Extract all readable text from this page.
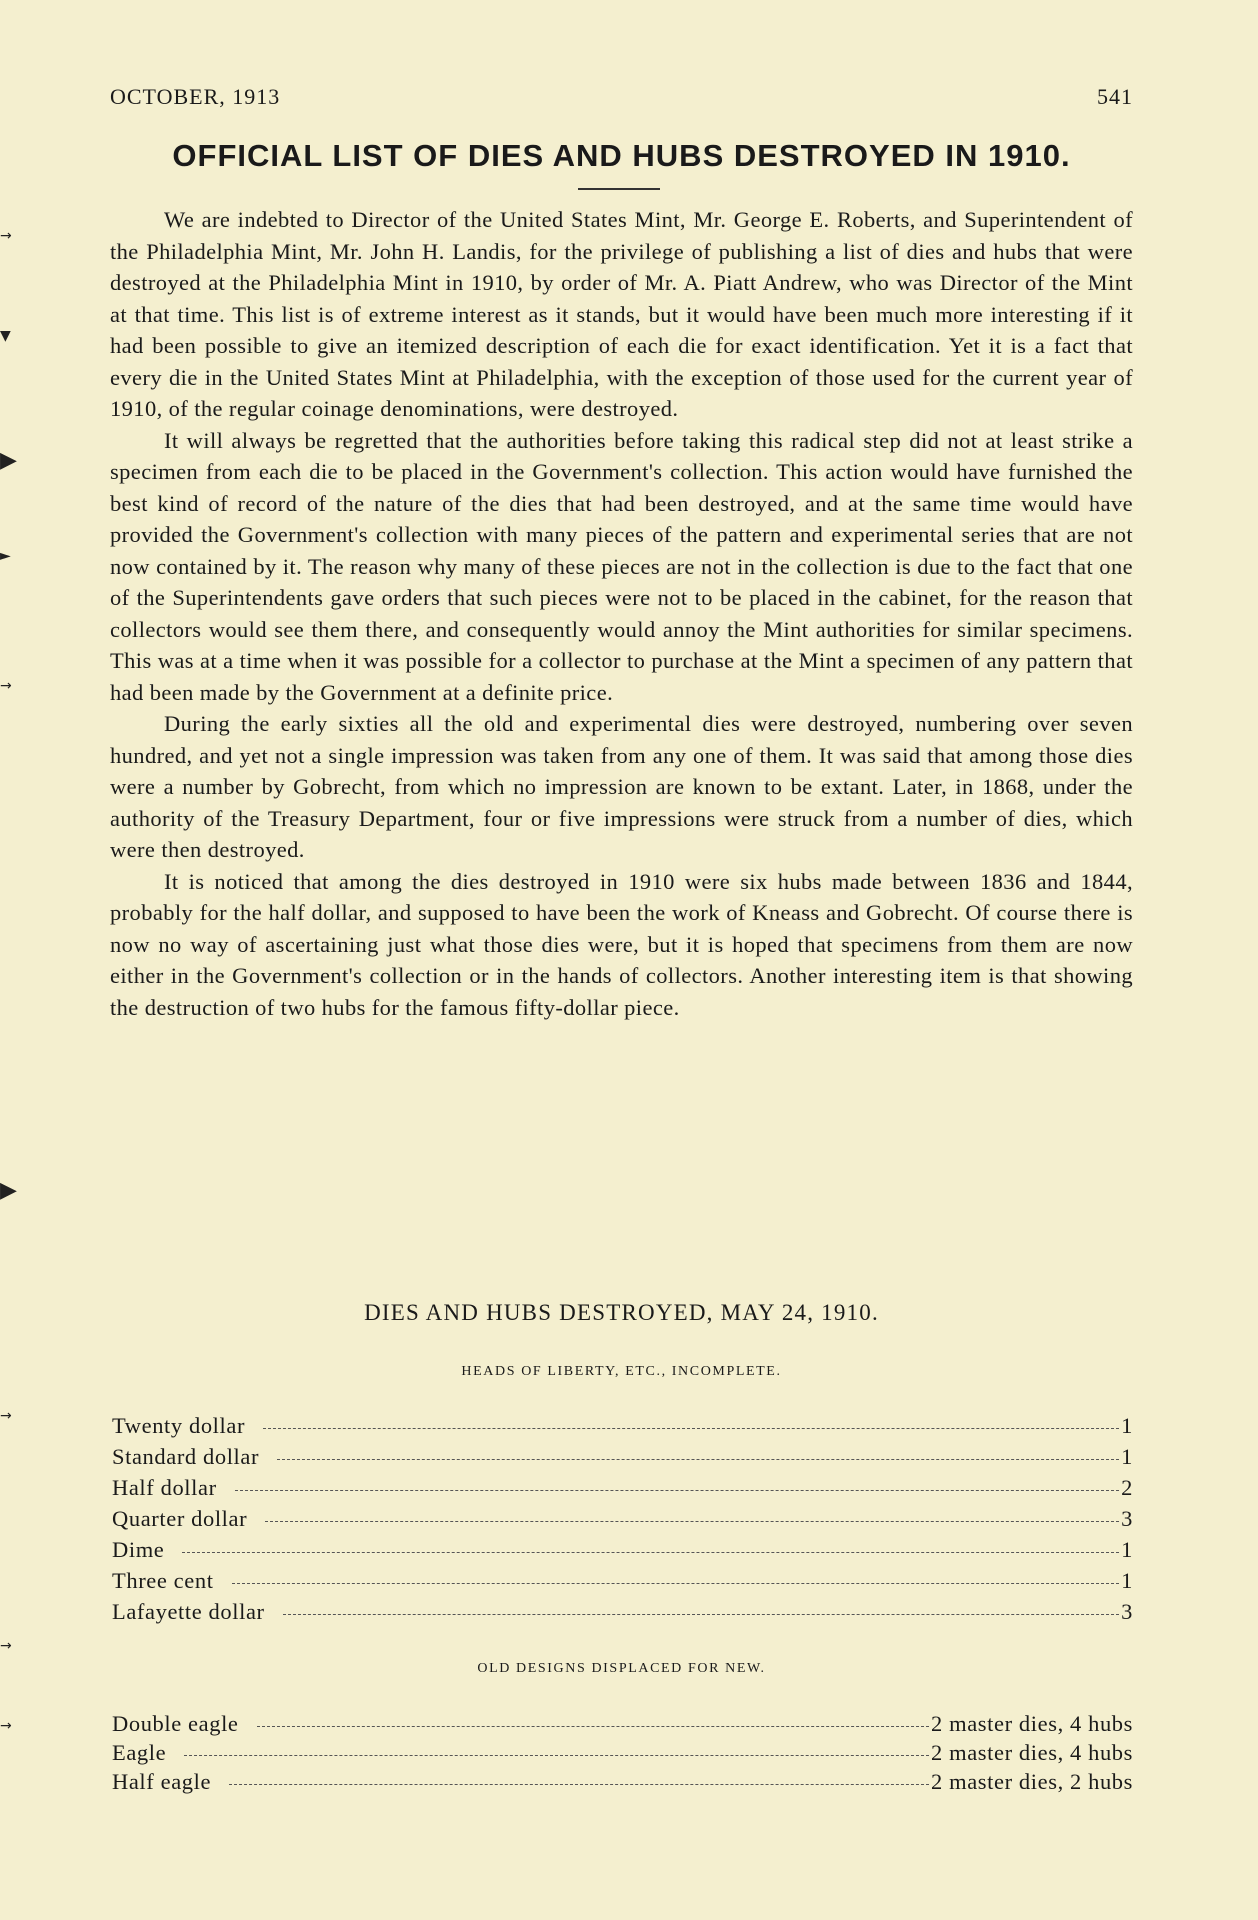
OCTOBER, 1913	541
OFFICIAL LIST OF DIES AND HUBS DESTROYED IN 1910.

We are indebted to Director of the United States Mint, Mr. George E. Roberts, and Superintendent of the Philadelphia Mint, Mr. John H. Landis, for the privilege of publishing a list of dies and hubs that were destroyed at the Philadelphia Mint in 1910, by order of Mr. A. Piatt Andrew, who was Director of the Mint at that time. This list is of extreme interest as it stands, but it would have been much more interesting if it had been possible to give an itemized description of each die for exact identification. Yet it is a fact that every die in the United States Mint at Philadelphia, with the exception of those used for the current year of 1910, of the regular coinage denominations, were destroyed.

It will always be regretted that the authorities before taking this radical step did not at least strike a specimen from each die to be placed in the Government's collection. This action would have furnished the best kind of record of the nature of the dies that had been destroyed, and at the same time would have provided the Government's collection with many pieces of the pattern and experimental series that are not now contained by it. The reason why many of these pieces are not in the collection is due to the fact that one of the Superintendents gave orders that such pieces were not to be placed in the cabinet, for the reason that collectors would see them there, and consequently would annoy the Mint authorities for similar specimens. This was at a time when it was possible for a collector to purchase at the Mint a specimen of any pattern that had been made by the Government at a definite price.

During the early sixties all the old and experimental dies were destroyed, numbering over seven hundred, and yet not a single impression was taken from any one of them. It was said that among those dies were a number by Gobrecht, from which no impression are known to be extant. Later, in 1868, under the authority of the Treasury Department, four or five impressions were struck from a number of dies, which were then destroyed.

It is noticed that among the dies destroyed in 1910 were six hubs made between 1836 and 1844, probably for the half dollar, and supposed to have been the work of Kneass and Gobrecht. Of course there is now no way of ascertaining just what those dies were, but it is hoped that specimens from them are now either in the Government's collection or in the hands of collectors. Another interesting item is that showing the destruction of two hubs for the famous fifty-dollar piece.

DIES AND HUBS DESTROYED, MAY 24, 1910.
HEADS OF LIBERTY, ETC., INCOMPLETE.
Twenty dollar	1
Standard dollar	1
Half dollar	2
Quarter dollar	3
Dime	1
Three cent	1
Lafayette dollar	3
OLD DESIGNS DISPLACED FOR NEW.
Double eagle	2 master dies, 4 hubs
Eagle	2 master dies, 4 hubs
Half eagle	2 master dies, 2 hubs
→
▼
▶
►
→
▶
→
→
→
